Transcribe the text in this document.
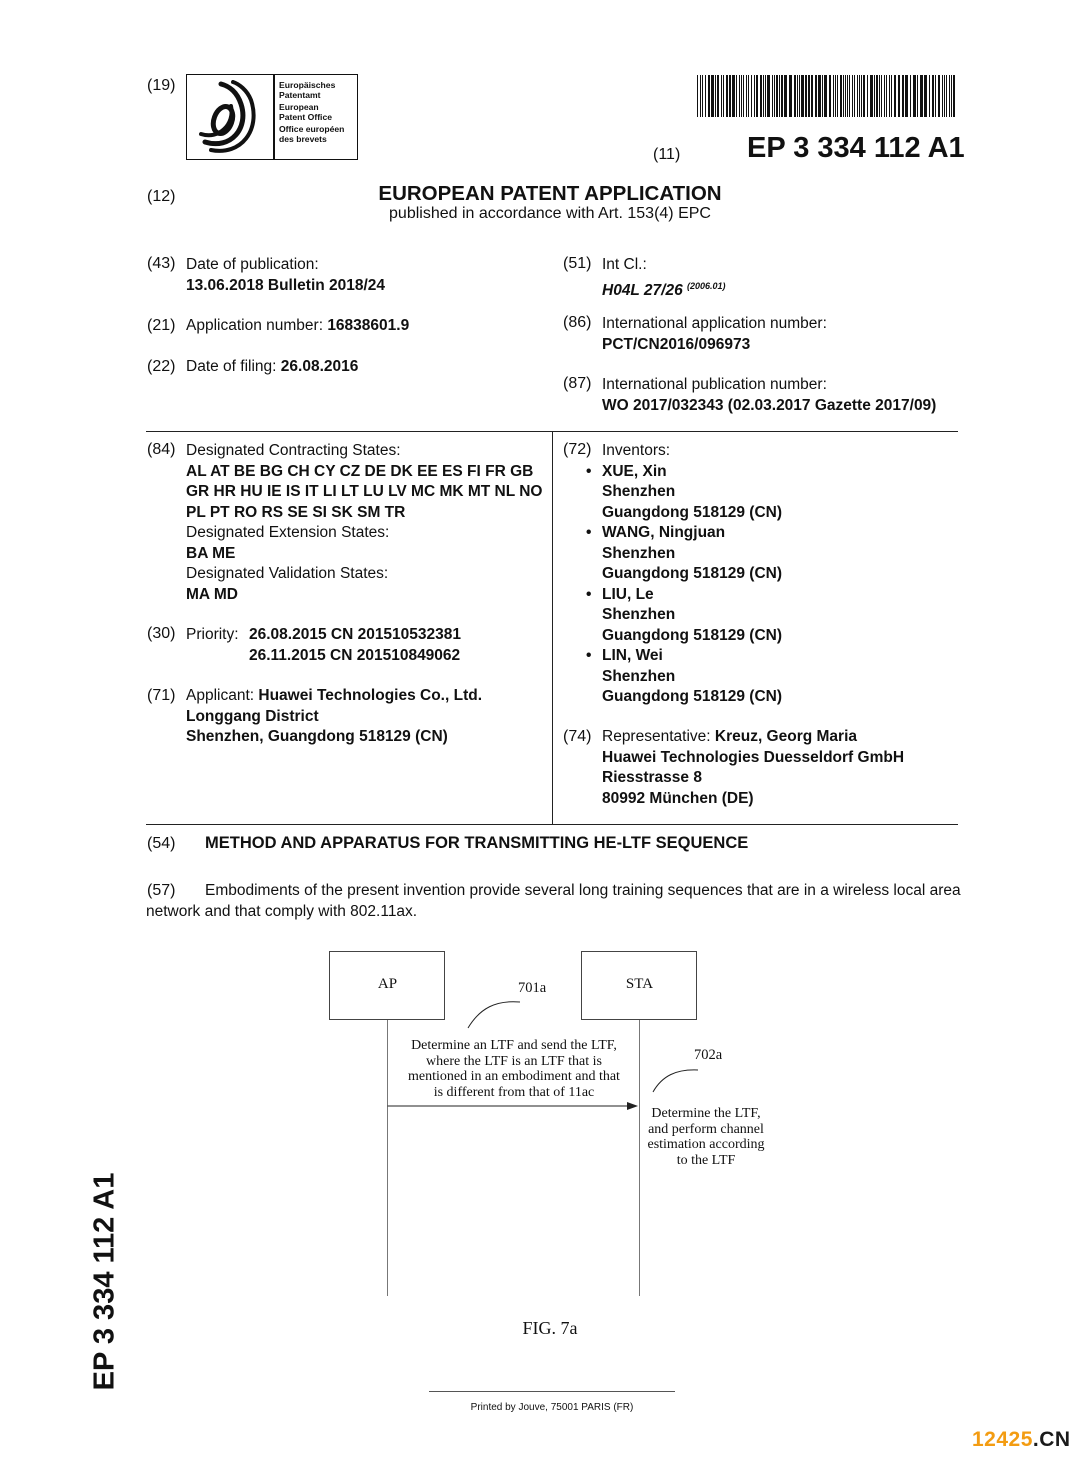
(19)	Europäisches
Patentamt
European
Patent Office
Office européen
des brevets
(11) EP 3 334 112 A1
(12)	EUROPEAN PATENT APPLICATION
published in accordance with Art. 153(4) EPC
(43) Date of publication:
13.06.2018 Bulletin 2018/24
(21) Application number: 16838601.9
(22) Date of filing: 26.08.2016
(51) Int Cl.:
H04L 27/26 $^{(2006.01)}$
(86) International application number:
PCT/CN2016/096973
(87) International publication number:
WO 2017/032343 (02.03.2017 Gazette 2017/09)
(84) Designated Contracting States:
AL AT BE BG CH CY CZ DE DK EE ES FI FR GB
GR HR HU IE IS IT LI LT LU LV MC MK MT NL NO
PL PT RO RS SE SI SK SM TR
Designated Extension States:
BA ME
Designated Validation States:
MA MD
(30) Priority: 26.08.2015 CN 201510532381
26.11.2015 CN 201510849062

(71) Applicant: Huawei Technologies Co., Ltd.
Longgang District
Shenzhen, Guangdong 518129 (CN)
(72) Inventors:
• XUE, Xin
Shenzhen
Guangdong 518129 (CN)
• WANG, Ningjuan
Shenzhen
Guangdong 518129 (CN)
• LIU, Le
Shenzhen
Guangdong 518129 (CN)
• LIN, Wei
Shenzhen
Guangdong 518129 (CN)
(74) Representative: Kreuz, Georg Maria
Huawei Technologies Duesseldorf GmbH
Riesstrasse 8
80992 München (DE)
(54) METHOD AND APPARATUS FOR TRANSMITTING HE-LTF SEQUENCE
(57) Embodiments of the present invention provide several long training sequences that are in a wireless local area
network and that comply with 802.11ax.
AP	STA
701a
702a
Determine an LTF and send the LTF,
where the LTF is an LTF that is
mentioned in an embodiment and that
is different from that of 11ac
Determine the LTF,
and perform channel
estimation according
to the LTF
FIG. 7a
EP 3 334 112 A1
Printed by Jouve, 75001 PARIS (FR)
12425.CN
